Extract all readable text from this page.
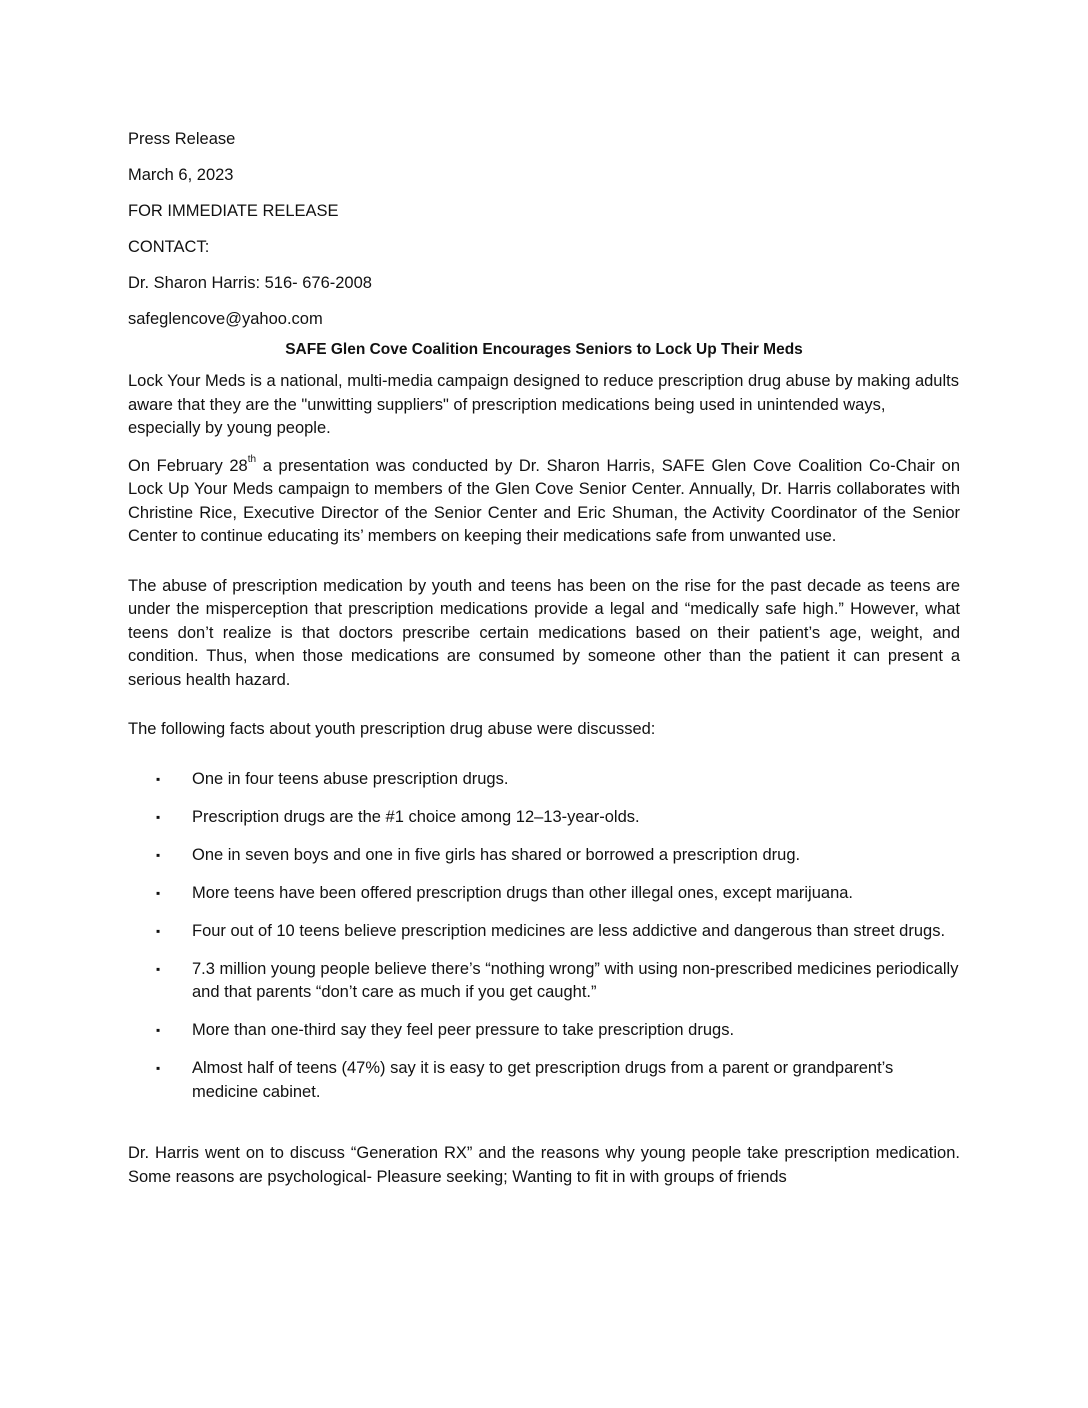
Press Release
March 6, 2023
FOR IMMEDIATE RELEASE
CONTACT:
Dr. Sharon Harris: 516- 676-2008
safeglencove@yahoo.com
SAFE Glen Cove Coalition Encourages Seniors to Lock Up Their Meds

Lock Your Meds is a national, multi-media campaign designed to reduce prescription drug abuse by making adults aware that they are the "unwitting suppliers" of prescription medications being used in unintended ways, especially by young people.

On February 28th a presentation was conducted by Dr. Sharon Harris, SAFE Glen Cove Coalition Co-Chair on Lock Up Your Meds campaign to members of the Glen Cove Senior Center. Annually, Dr. Harris collaborates with Christine Rice, Executive Director of the Senior Center and Eric Shuman, the Activity Coordinator of the Senior Center to continue educating its’ members on keeping their medications safe from unwanted use.

The abuse of prescription medication by youth and teens has been on the rise for the past decade as teens are under the misperception that prescription medications provide a legal and “medically safe high.” However, what teens don’t realize is that doctors prescribe certain medications based on their patient’s age, weight, and condition. Thus, when those medications are consumed by someone other than the patient it can present a serious health hazard.

The following facts about youth prescription drug abuse were discussed:

▪ One in four teens abuse prescription drugs.
▪ Prescription drugs are the #1 choice among 12–13-year-olds.
▪ One in seven boys and one in five girls has shared or borrowed a prescription drug.
▪ More teens have been offered prescription drugs than other illegal ones, except marijuana.
▪ Four out of 10 teens believe prescription medicines are less addictive and dangerous than street drugs.
▪ 7.3 million young people believe there’s “nothing wrong” with using non-prescribed medicines periodically and that parents “don’t care as much if you get caught.”
▪ More than one-third say they feel peer pressure to take prescription drugs.
▪ Almost half of teens (47%) say it is easy to get prescription drugs from a parent or grandparent’s medicine cabinet.

Dr. Harris went on to discuss “Generation RX” and the reasons why young people take prescription medication. Some reasons are psychological- Pleasure seeking; Wanting to fit in with groups of friends
